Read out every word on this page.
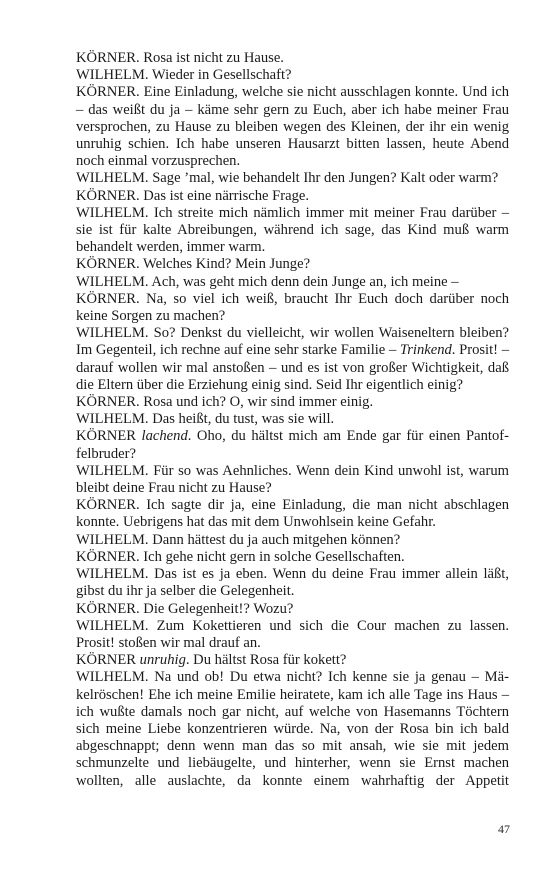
KÖRNER. Rosa ist nicht zu Hause.

WILHELM. Wieder in Gesellschaft?

KÖRNER. Eine Einladung, welche sie nicht ausschlagen konnte. Und ich – das weißt du ja – käme sehr gern zu Euch, aber ich habe meiner Frau versprochen, zu Hause zu bleiben wegen des Kleinen, der ihr ein wenig unruhig schien. Ich habe unseren Hausarzt bitten lassen, heute Abend noch einmal vorzusprechen.

WILHELM. Sage ’mal, wie behandelt Ihr den Jungen? Kalt oder warm?

KÖRNER. Das ist eine närrische Frage.

WILHELM. Ich streite mich nämlich immer mit meiner Frau darüber – sie ist für kalte Abreibungen, während ich sage, das Kind muß warm behandelt werden, immer warm.

KÖRNER. Welches Kind? Mein Junge?

WILHELM. Ach, was geht mich denn dein Junge an, ich meine –

KÖRNER. Na, so viel ich weiß, braucht Ihr Euch doch darüber noch keine Sorgen zu machen?

WILHELM. So? Denkst du vielleicht, wir wollen Waiseneltern bleiben? Im Gegenteil, ich rechne auf eine sehr starke Familie – Trinkend. Prosit! – darauf wollen wir mal anstoßen – und es ist von großer Wichtigkeit, daß die Eltern über die Erziehung einig sind. Seid Ihr eigentlich einig?

KÖRNER. Rosa und ich? O, wir sind immer einig.

WILHELM. Das heißt, du tust, was sie will.

KÖRNER lachend. Oho, du hältst mich am Ende gar für einen Pantoffelbruder?

WILHELM. Für so was Aehnliches. Wenn dein Kind unwohl ist, warum bleibt deine Frau nicht zu Hause?

KÖRNER. Ich sagte dir ja, eine Einladung, die man nicht abschlagen konnte. Uebrigens hat das mit dem Unwohlsein keine Gefahr.

WILHELM. Dann hättest du ja auch mitgehen können?

KÖRNER. Ich gehe nicht gern in solche Gesellschaften.

WILHELM. Das ist es ja eben. Wenn du deine Frau immer allein läßt, gibst du ihr ja selber die Gelegenheit.

KÖRNER. Die Gelegenheit!? Wozu?

WILHELM. Zum Kokettieren und sich die Cour machen zu lassen. Prosit! stoßen wir mal drauf an.

KÖRNER unruhig. Du hältst Rosa für kokett?

WILHELM. Na und ob! Du etwa nicht? Ich kenne sie ja genau – Mäkelröschen! Ehe ich meine Emilie heiratete, kam ich alle Tage ins Haus – ich wußte damals noch gar nicht, auf welche von Hasemanns Töchtern sich meine Liebe konzentrieren würde. Na, von der Rosa bin ich bald abgeschnappt; denn wenn man das so mit ansah, wie sie mit jedem schmunzelte und liebäugelte, und hinterher, wenn sie Ernst machen wollten, alle auslachte, da konnte einem wahrhaftig der Appetit

47
